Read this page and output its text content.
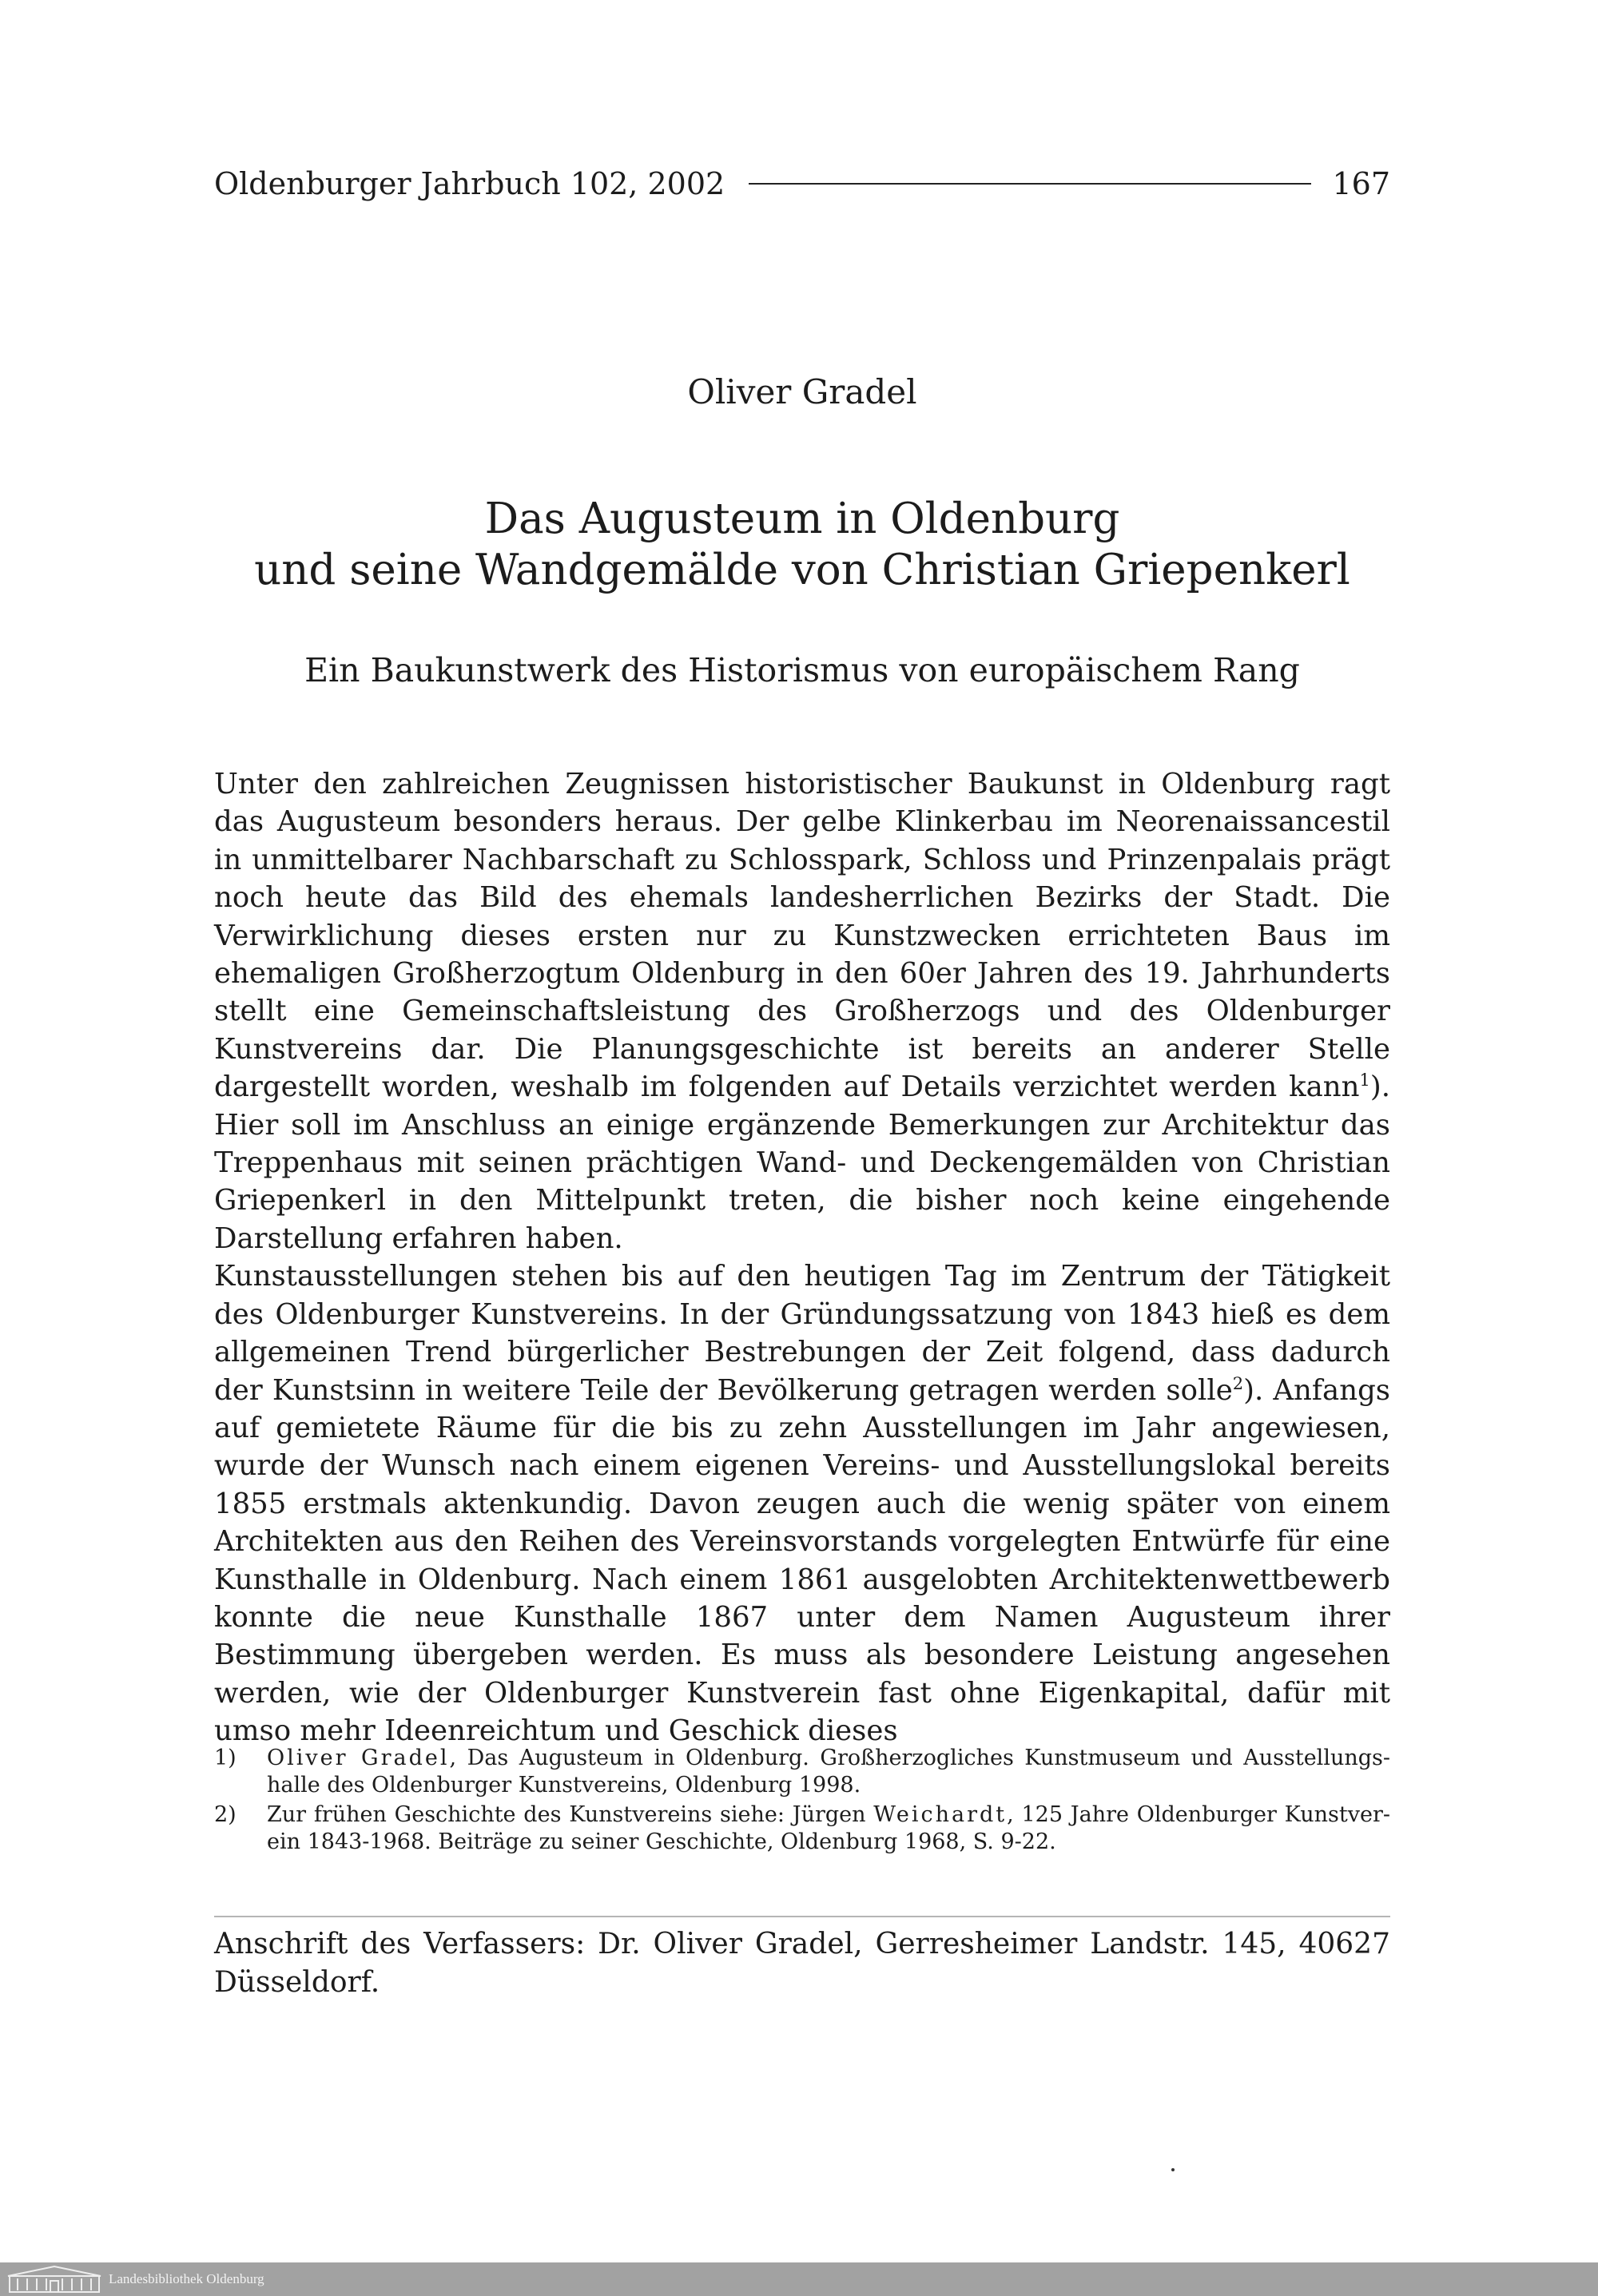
Oldenburger Jahrbuch 102, 2002	167
Oliver Gradel
Das Augusteum in Oldenburg
und seine Wandgemälde von Christian Griepenkerl
Ein Baukunstwerk des Historismus von europäischem Rang

Unter den zahlreichen Zeugnissen historistischer Baukunst in Oldenburg ragt das Augusteum besonders heraus. Der gelbe Klinkerbau im Neorenaissancestil in unmittelbarer Nachbarschaft zu Schlosspark, Schloss und Prinzenpalais prägt noch heute das Bild des ehemals landesherrlichen Bezirks der Stadt. Die Verwirklichung dieses ersten nur zu Kunstzwecken errichteten Baus im ehemaligen Großherzogtum Oldenburg in den 60er Jahren des 19. Jahrhunderts stellt eine Gemeinschaftsleistung des Großherzogs und des Oldenburger Kunstvereins dar. Die Planungsgeschichte ist bereits an anderer Stelle dargestellt worden, weshalb im folgenden auf Details verzichtet werden kann$^1$). Hier soll im Anschluss an einige ergänzende Bemerkungen zur Architektur das Treppenhaus mit seinen prächtigen Wand- und Deckengemälden von Christian Griepenkerl in den Mittelpunkt treten, die bisher noch keine eingehende Darstellung erfahren haben.

Kunstausstellungen stehen bis auf den heutigen Tag im Zentrum der Tätigkeit des Oldenburger Kunstvereins. In der Gründungssatzung von 1843 hieß es dem allgemeinen Trend bürgerlicher Bestrebungen der Zeit folgend, dass dadurch der Kunstsinn in weitere Teile der Bevölkerung getragen werden solle$^2$). Anfangs auf gemietete Räume für die bis zu zehn Ausstellungen im Jahr angewiesen, wurde der Wunsch nach einem eigenen Vereins- und Ausstellungslokal bereits 1855 erstmals aktenkundig. Davon zeugen auch die wenig später von einem Architekten aus den Reihen des Vereinsvorstands vorgelegten Entwürfe für eine Kunsthalle in Oldenburg. Nach einem 1861 ausgelobten Architektenwettbewerb konnte die neue Kunsthalle 1867 unter dem Namen Augusteum ihrer Bestimmung übergeben werden. Es muss als besondere Leistung angesehen werden, wie der Oldenburger Kunstverein fast ohne Eigenkapital, dafür mit umso mehr Ideenreichtum und Geschick dieses

1)	Oliver Gradel, Das Augusteum in Oldenburg. Großherzogliches Kunstmuseum und Ausstellungshalle des Oldenburger Kunstvereins, Oldenburg 1998.
2)	Zur frühen Geschichte des Kunstvereins siehe: Jürgen Weichardt, 125 Jahre Oldenburger Kunstverein 1843-1968. Beiträge zu seiner Geschichte, Oldenburg 1968, S. 9-22.
Anschrift des Verfassers: Dr. Oliver Gradel, Gerresheimer Landstr. 145, 40627 Düsseldorf.
Landesbibliothek Oldenburg
